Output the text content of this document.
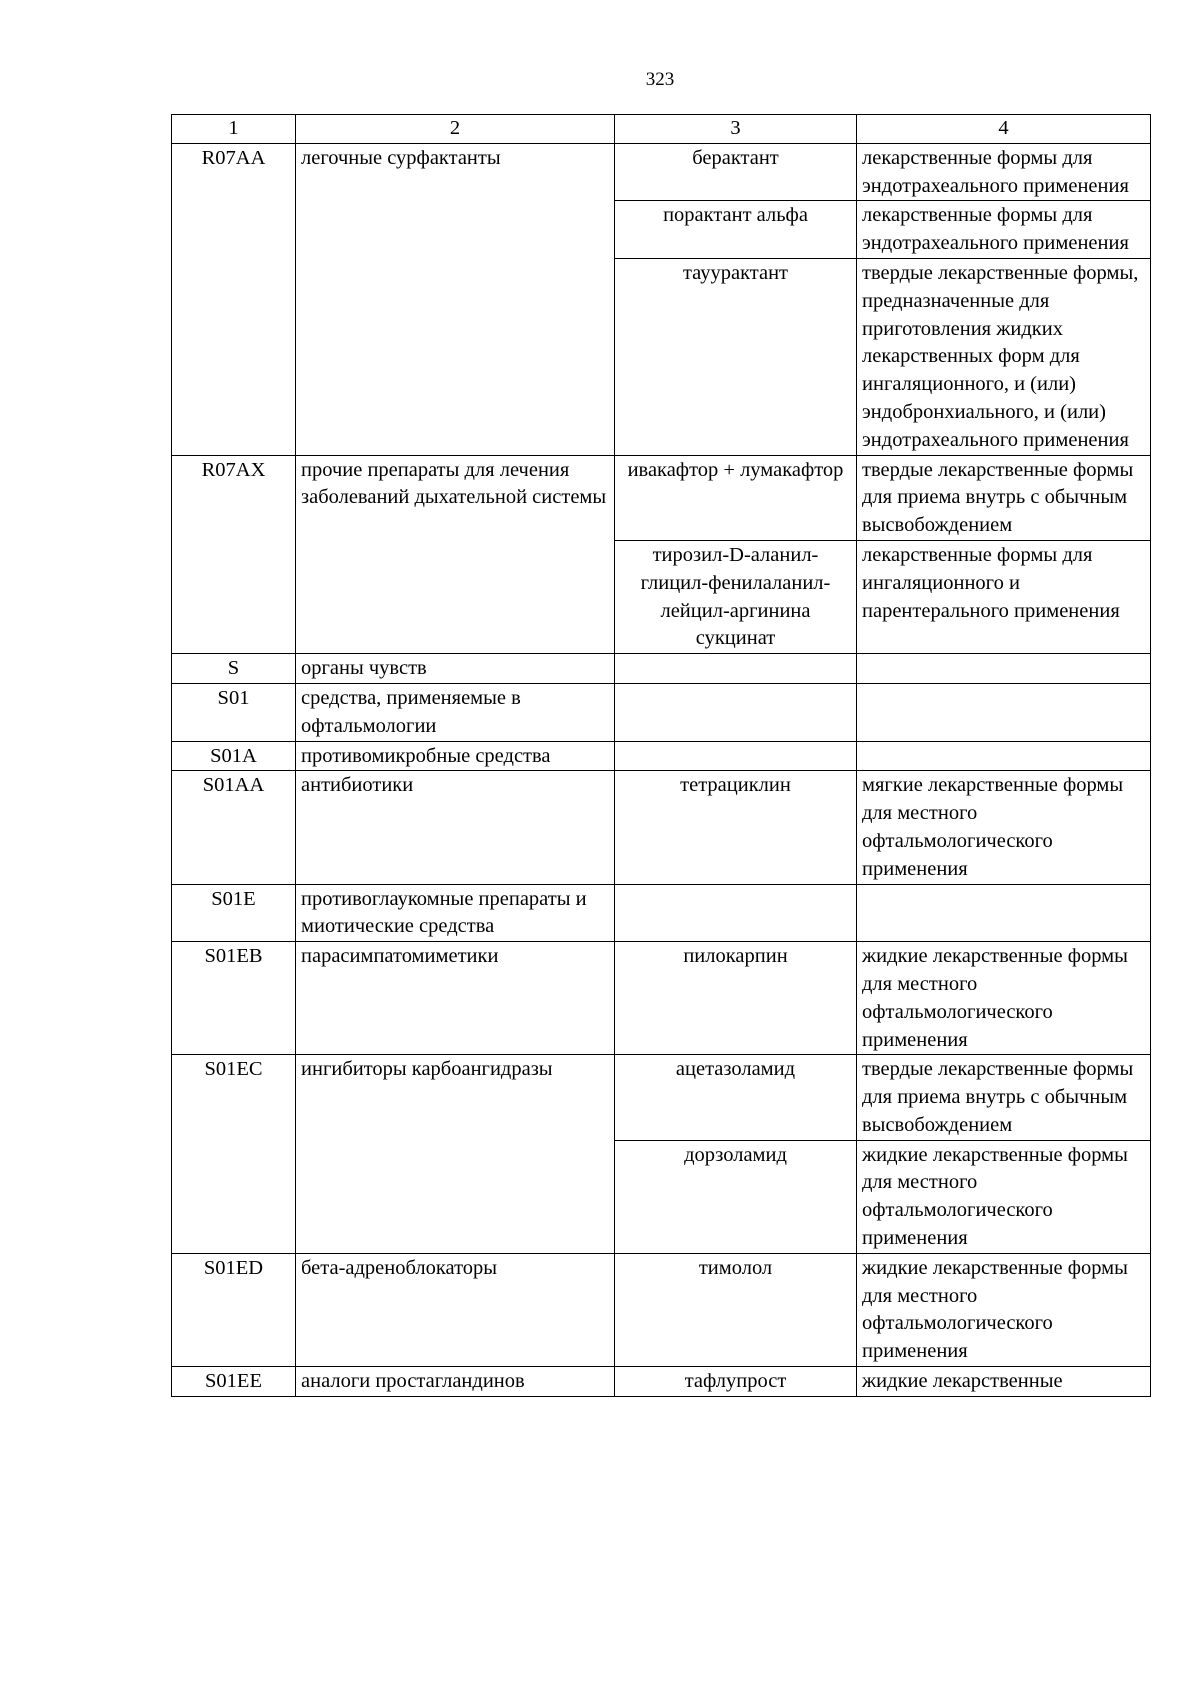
323
1	2	3	4
R07AA	легочные сурфактанты	берактант	лекарственные формы для эндотрахеального применения
		порактант альфа	лекарственные формы для эндотрахеального применения
		тауурактант	твердые лекарственные формы, предназначенные для приготовления жидких лекарственных форм для ингаляционного, и (или) эндобронхиального, и (или) эндотрахеального применения
R07AX	прочие препараты для лечения заболеваний дыхательной системы	ивакафтор + лумакафтор	твердые лекарственные формы для приема внутрь с обычным высвобождением
		тирозил-D-аланил-глицил-фенилаланил-лейцил-аргинина сукцинат	лекарственные формы для ингаляционного и парентерального применения
S	органы чувств		
S01	средства, применяемые в офтальмологии		
S01A	противомикробные средства		
S01AA	антибиотики	тетрациклин	мягкие лекарственные формы для местного офтальмологического применения
S01E	противоглаукомные препараты и миотические средства		
S01EB	парасимпатомиметики	пилокарпин	жидкие лекарственные формы для местного офтальмологического применения
S01EC	ингибиторы карбоангидразы	ацетазоламид	твердые лекарственные формы для приема внутрь с обычным высвобождением
		дорзоламид	жидкие лекарственные формы для местного офтальмологического применения
S01ED	бета-адреноблокаторы	тимолол	жидкие лекарственные формы для местного офтальмологического применения
S01EE	аналоги простагландинов	тафлупрост	жидкие лекарственные
